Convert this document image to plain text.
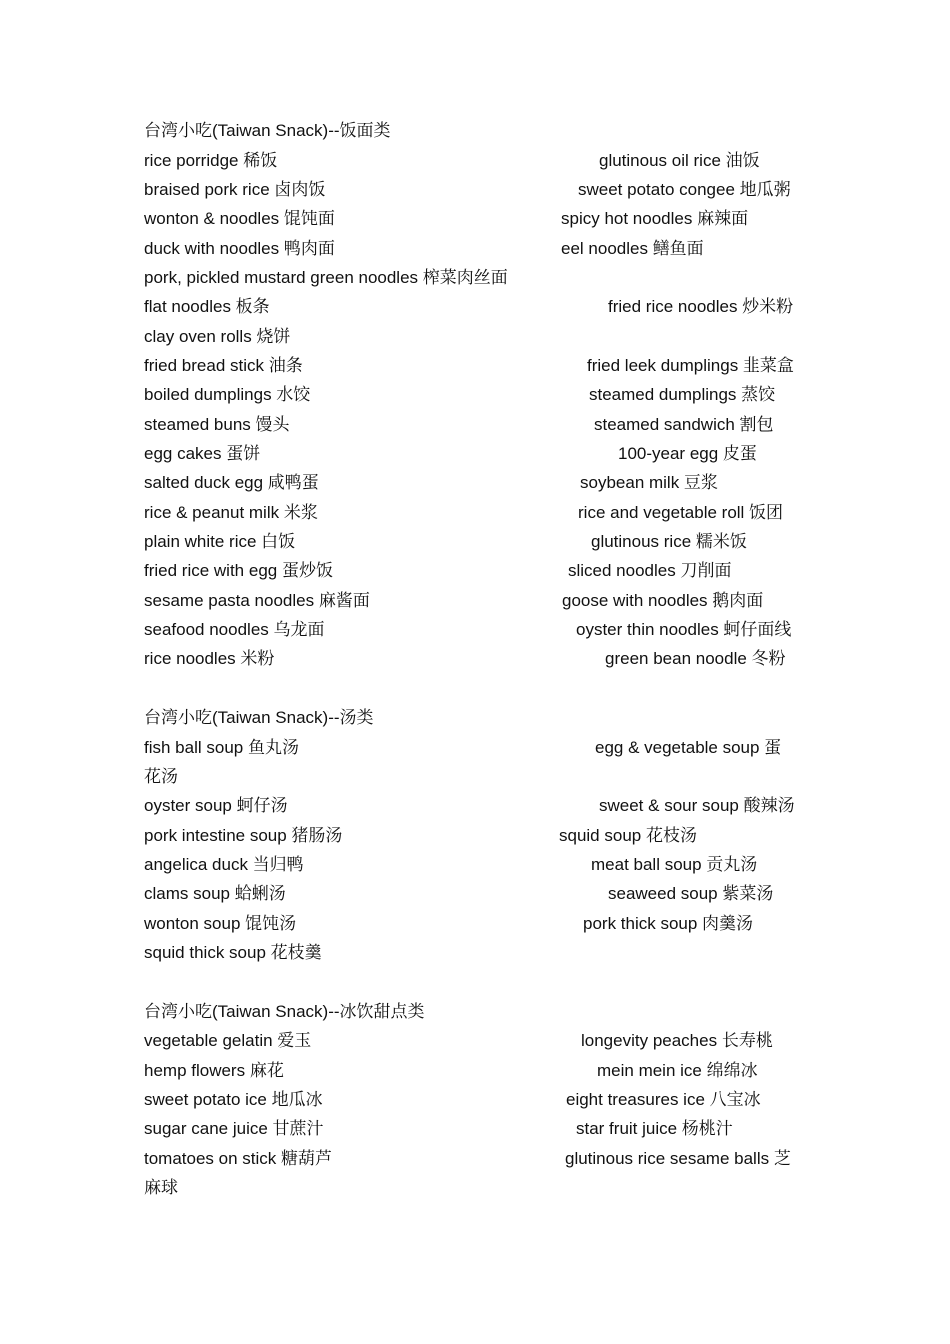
台湾小吃(Taiwan Snack)--饭面类
rice porridge 稀饭	glutinous oil rice 油饭
braised pork rice 卤肉饭	sweet potato congee 地瓜粥
wonton & noodles 馄饨面	spicy hot noodles 麻辣面
duck with noodles 鸭肉面	eel noodles 鳝鱼面
pork, pickled mustard green noodles 榨菜肉丝面
flat noodles 板条	fried rice noodles 炒米粉
clay oven rolls 烧饼
fried bread stick 油条	fried leek dumplings 韭菜盒
boiled dumplings 水饺	steamed dumplings 蒸饺
steamed buns 馒头	steamed sandwich 割包
egg cakes 蛋饼	100-year egg 皮蛋
salted duck egg 咸鸭蛋	soybean milk 豆浆
rice & peanut milk 米浆	rice and vegetable roll 饭团
plain white rice 白饭	glutinous rice 糯米饭
fried rice with egg 蛋炒饭	sliced noodles 刀削面
sesame pasta noodles 麻酱面	goose with noodles 鹅肉面
seafood noodles 乌龙面	oyster thin noodles 蚵仔面线
rice noodles 米粉	green bean noodle 冬粉
台湾小吃(Taiwan Snack)--汤类
fish ball soup 鱼丸汤	egg & vegetable soup 蛋
花汤
oyster soup 蚵仔汤	sweet & sour soup 酸辣汤
pork intestine soup 猪肠汤	squid soup 花枝汤
angelica duck 当归鸭	meat ball soup 贡丸汤
clams soup 蛤蜊汤	seaweed soup 紫菜汤
wonton soup 馄饨汤	pork thick soup 肉羹汤
squid thick soup 花枝羹
台湾小吃(Taiwan Snack)--冰饮甜点类
vegetable gelatin 爱玉	longevity peaches 长寿桃
hemp flowers 麻花	mein mein ice 绵绵冰
sweet potato ice 地瓜冰	eight treasures ice 八宝冰
sugar cane juice 甘蔗汁	star fruit juice 杨桃汁
tomatoes on stick 糖葫芦	glutinous rice sesame balls 芝
麻球
